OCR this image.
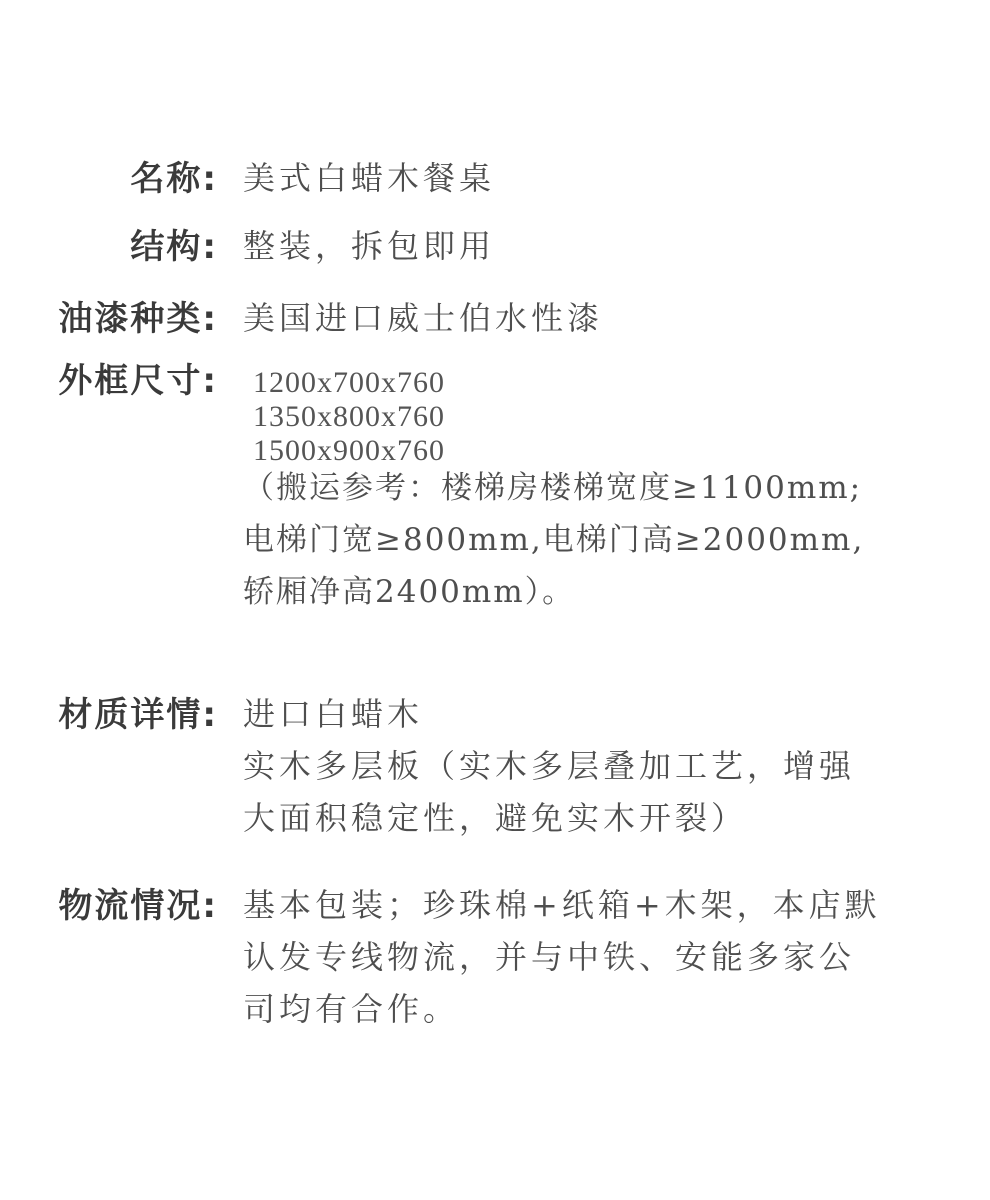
名称: 美式白蜡木餐桌
结构: 整装，拆包即用
油漆种类: 美国进口威士伯水性漆
外框尺寸: 1200x700x760
1350x800x760
1500x900x760
（搬运参考：楼梯房楼梯宽度≥1100mm;
电梯门宽≥800mm,电梯门高≥2000mm,
轿厢净高2400mm）。
材质详情: 进口白蜡木
实木多层板（实木多层叠加工艺，增强
大面积稳定性，避免实木开裂）
物流情况: 基本包装；珍珠棉+纸箱+木架，本店默
认发专线物流，并与中铁、安能多家公
司均有合作。
